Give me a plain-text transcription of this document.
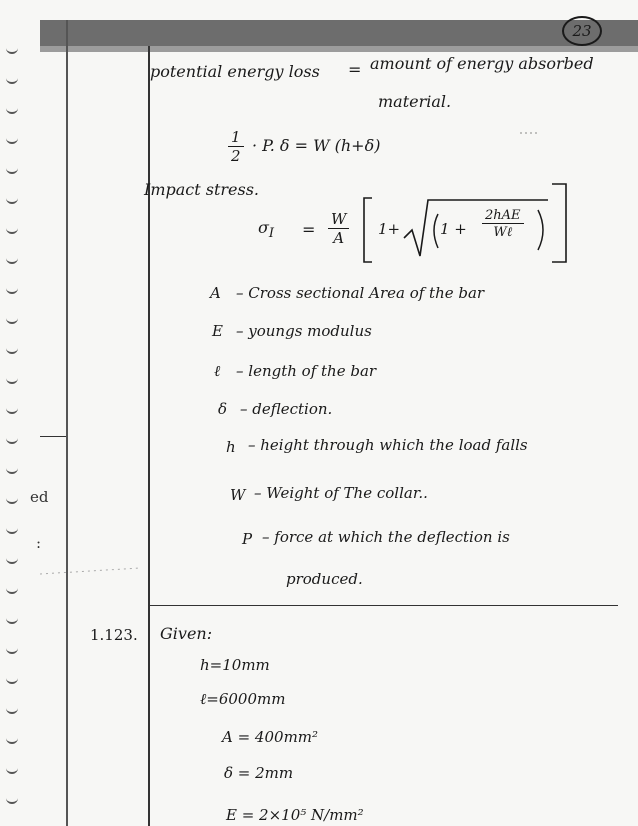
ed
:
23
potential energy loss = amount of energy absorbed
material.
$\frac{1}{2} \cdot P$. δ = W (h+δ)
Impact stress.
$\sigma_I = \frac{W}{A} 1+$	1 +
2hAE
Wℓ
A – Cross sectional Area of the bar
E – youngs modulus
ℓ – length of the bar
δ – deflection.
h – height through which the load falls
W – Weight of The collar..
P – force at which the deflection is
produced.
1.123. Given:
h=10mm
ℓ=6000mm
A = 400mm²
δ = 2mm
E = 2×10⁵ N/mm²
